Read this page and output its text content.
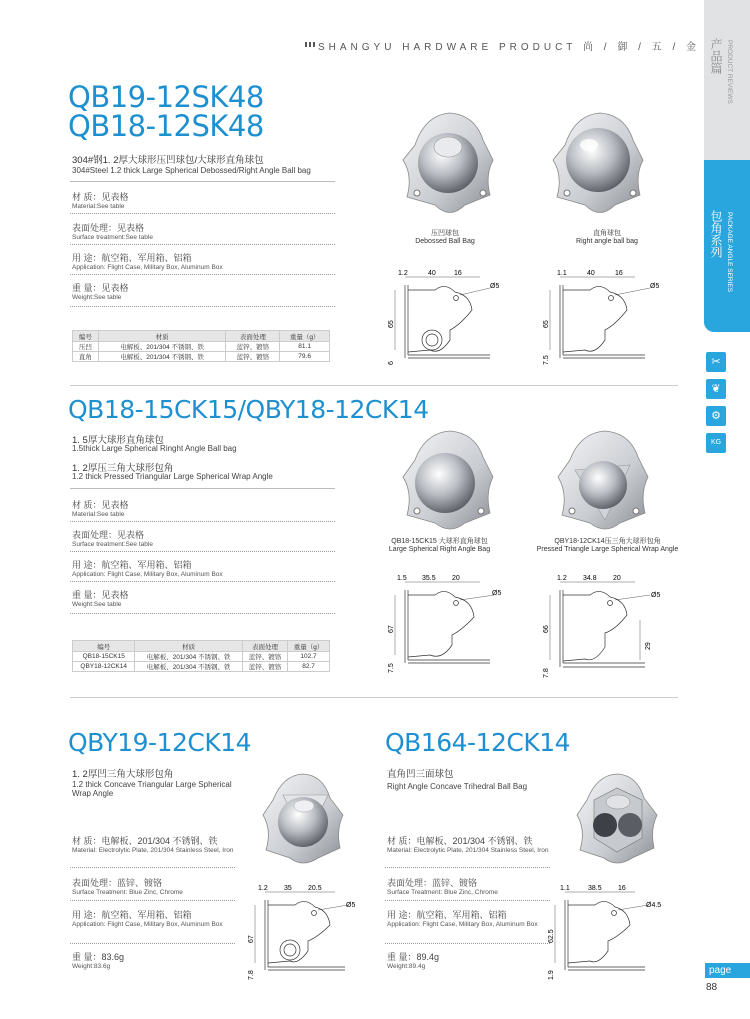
SHANGYU HARDWARE PRODUCT 尚 / 御 / 五 / 金 产品篇 PRODUCT REVIEWS
包角系列 PACKAGE ANGLE SERIES
✂
❦
⚙
KG
page
88
QB19-12SK48
QB18-12SK48
304#钢1. 2厚大球形压凹球包/大球形直角球包
304#Steel 1.2 thick Large Spherical Debossed/Right Angle Ball bag
材 质：见表格
Material:See table
表面处理：见表格
Surface treatment:See table
用 途：航空箱、军用箱、铝箱
Application: Flight Case, Military Box, Aluminum Box
重 量：见表格
Weight:See table
编号	材质	表面处理	重量（g）
压凹	电解板、201/304 不锈钢、铁	蓝锌、镀铬	81.1
直角	电解板、201/304 不锈钢、铁	蓝锌、镀铬	79.6
压凹球包
Debossed Ball Bag
直角球包
Right angle ball bag
1.2	40	16
Ø5
65
6
1.1	40	16
Ø5
65
7.5
QB18-15CK15/QBY18-12CK14
1. 5厚大球形直角球包
1.5thick Large Spherical Ringht Angle Ball bag
1. 2厚压三角大球形包角
1.2 thick Pressed Triangular Large Spherical Wrap Angle
材 质：见表格
Material:See table
表面处理：见表格
Surface treatment:See table
用 途：航空箱、军用箱、铝箱
Application: Flight Case, Military Box, Aluminum Box
重 量：见表格
Weight:See table
编号	材质	表面处理	重量（g）
QB18-15CK15	电解板、201/304 不锈钢、铁	蓝锌、镀铬	102.7
QBY18-12CK14	电解板、201/304 不锈钢、铁	蓝锌、镀铬	82.7
QB18-15CK15 大球形直角球包
Large Spherical Right Angle Bag
QBY18-12CK14压三角大球形包角
Pressed Triangle Large Spherical Wrap Angle
1.5 35.5 20
Ø5
67
7.5
1.2 34.8 20
Ø5
66
7.8
29
QBY19-12CK14
1. 2厚凹三角大球形包角
1.2 thick Concave Triangular Large Spherical Wrap Angle
材 质：电解板、201/304 不锈钢、铁
Material: Electrolytic Plate, 201/304 Stainless Steel, Iron
表面处理：蓝锌、镀铬
Surface Treatment: Blue Zinc, Chrome
用 途：航空箱、军用箱、铝箱
Application: Flight Case, Military Box, Aluminum Box
重 量：83.6g
Weight:83.6g
1.2 35 20.5
Ø5
67
7.8
QB164-12CK14
直角凹三面球包
Right Angle Concave Trihedral Ball Bag
材 质：电解板、201/304 不锈钢、铁
Material: Electrolytic Plate, 201/304 Stainless Steel, Iron
表面处理：蓝锌、镀铬
Surface Treatment: Blue Zinc, Chrome
用 途：航空箱、军用箱、铝箱
Application: Flight Case, Military Box, Aluminum Box
重 量：89.4g
Weight:89.4g
1.1	38.5 16
Ø4.5
62.5
1.9
